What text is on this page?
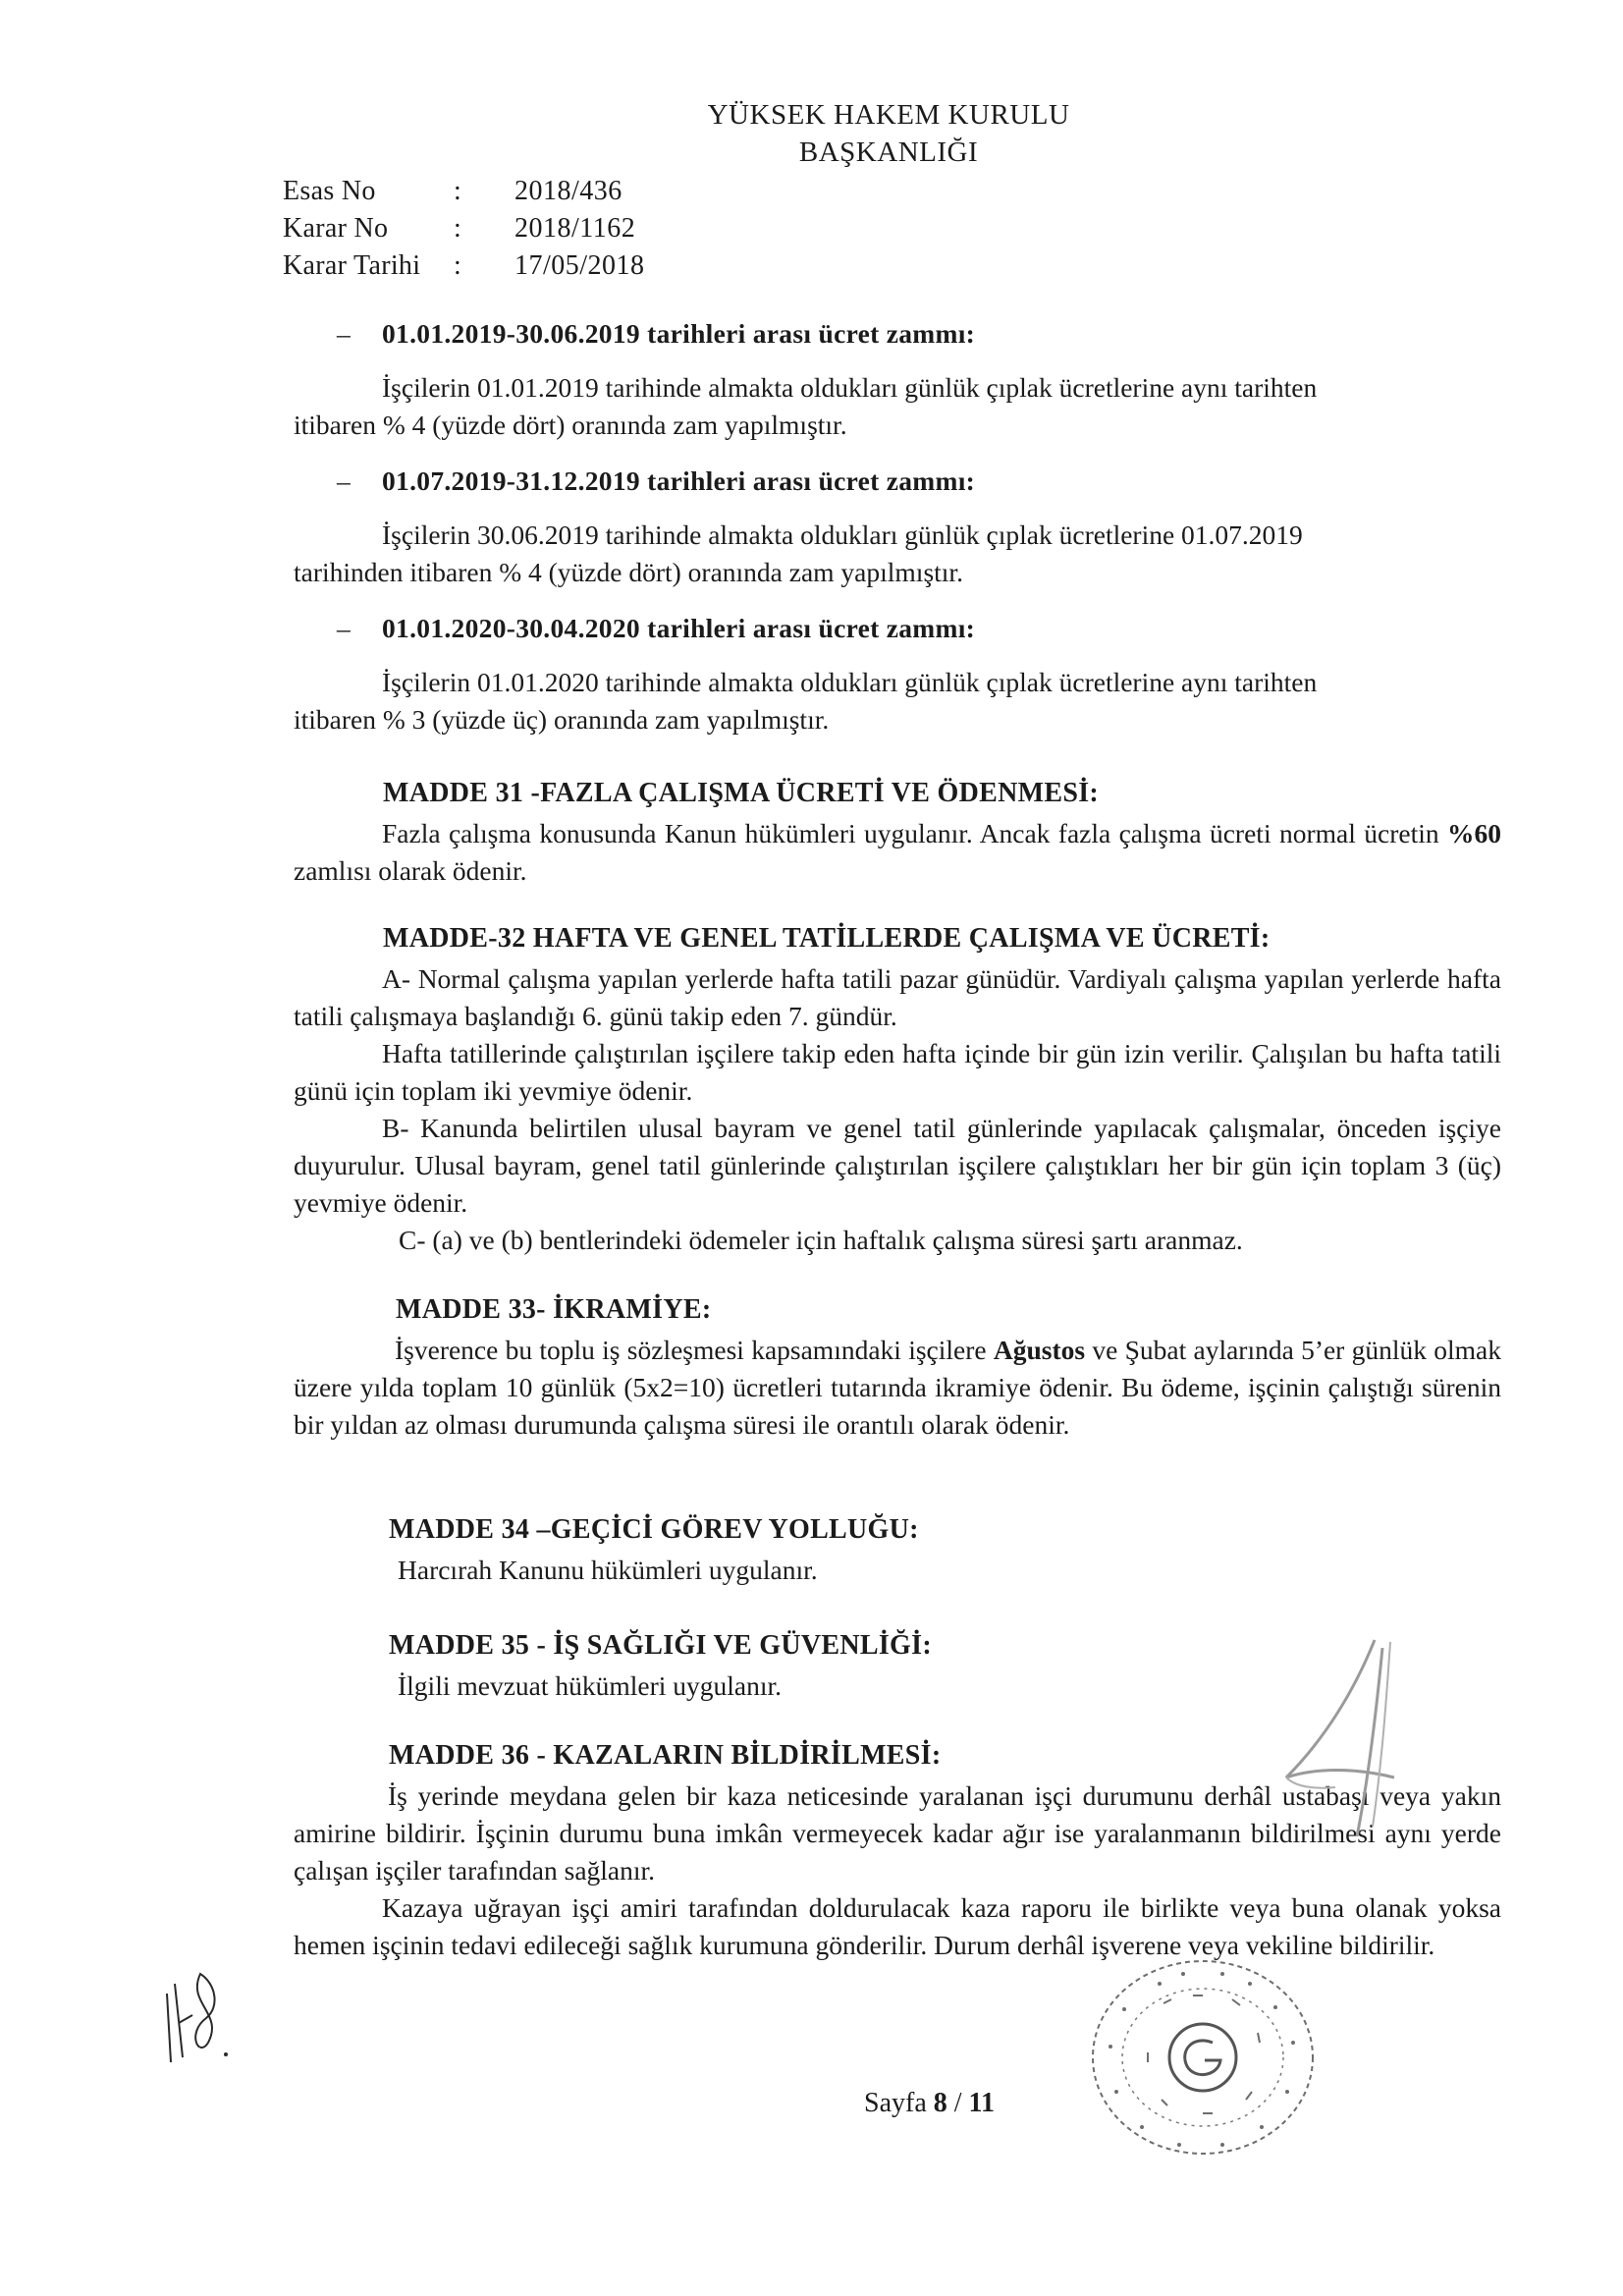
YÜKSEK HAKEM KURULU
BAŞKANLIĞI
Esas No	:	2018/436
Karar No	:	2018/1162
Karar Tarihi	:	17/05/2018
– 01.01.2019-30.06.2019 tarihleri arası ücret zammı:
İşçilerin 01.01.2019 tarihinde almakta oldukları günlük çıplak ücretlerine aynı tarihten
itibaren % 4 (yüzde dört) oranında zam yapılmıştır.
– 01.07.2019-31.12.2019 tarihleri arası ücret zammı:
İşçilerin 30.06.2019 tarihinde almakta oldukları günlük çıplak ücretlerine 01.07.2019
tarihinden itibaren % 4 (yüzde dört) oranında zam yapılmıştır.
– 01.01.2020-30.04.2020 tarihleri arası ücret zammı:
İşçilerin 01.01.2020 tarihinde almakta oldukları günlük çıplak ücretlerine aynı tarihten
itibaren % 3 (yüzde üç) oranında zam yapılmıştır.
MADDE 31 -FAZLA ÇALIŞMA ÜCRETİ VE ÖDENMESİ:
Fazla çalışma konusunda Kanun hükümleri uygulanır. Ancak fazla çalışma ücreti normal ücretin %60 zamlısı olarak ödenir.
MADDE-32 HAFTA VE GENEL TATİLLERDE ÇALIŞMA VE ÜCRETİ:
A- Normal çalışma yapılan yerlerde hafta tatili pazar günüdür. Vardiyalı çalışma yapılan yerlerde hafta tatili çalışmaya başlandığı 6. günü takip eden 7. gündür.
Hafta tatillerinde çalıştırılan işçilere takip eden hafta içinde bir gün izin verilir. Çalışılan bu hafta tatili günü için toplam iki yevmiye ödenir.
B- Kanunda belirtilen ulusal bayram ve genel tatil günlerinde yapılacak çalışmalar, önceden işçiye duyurulur. Ulusal bayram, genel tatil günlerinde çalıştırılan işçilere çalıştıkları her bir gün için toplam 3 (üç) yevmiye ödenir.
C- (a) ve (b) bentlerindeki ödemeler için haftalık çalışma süresi şartı aranmaz.
MADDE 33- İKRAMİYE:
İşverence bu toplu iş sözleşmesi kapsamındaki işçilere Ağustos ve Şubat aylarında 5’er günlük olmak üzere yılda toplam 10 günlük (5x2=10) ücretleri tutarında ikramiye ödenir. Bu ödeme, işçinin çalıştığı sürenin bir yıldan az olması durumunda çalışma süresi ile orantılı olarak ödenir.
MADDE 34 –GEÇİCİ GÖREV YOLLUĞU:
Harcırah Kanunu hükümleri uygulanır.
MADDE 35 - İŞ SAĞLIĞI VE GÜVENLİĞİ:
İlgili mevzuat hükümleri uygulanır.
MADDE 36 - KAZALARIN BİLDİRİLMESİ:
İş yerinde meydana gelen bir kaza neticesinde yaralanan işçi durumunu derhâl ustabaşı veya yakın amirine bildirir. İşçinin durumu buna imkân vermeyecek kadar ağır ise yaralanmanın bildirilmesi aynı yerde çalışan işçiler tarafından sağlanır.
Kazaya uğrayan işçi amiri tarafından doldurulacak kaza raporu ile birlikte veya buna olanak yoksa hemen işçinin tedavi edileceği sağlık kurumuna gönderilir. Durum derhâl işverene veya vekiline bildirilir.
Sayfa 8 / 11
